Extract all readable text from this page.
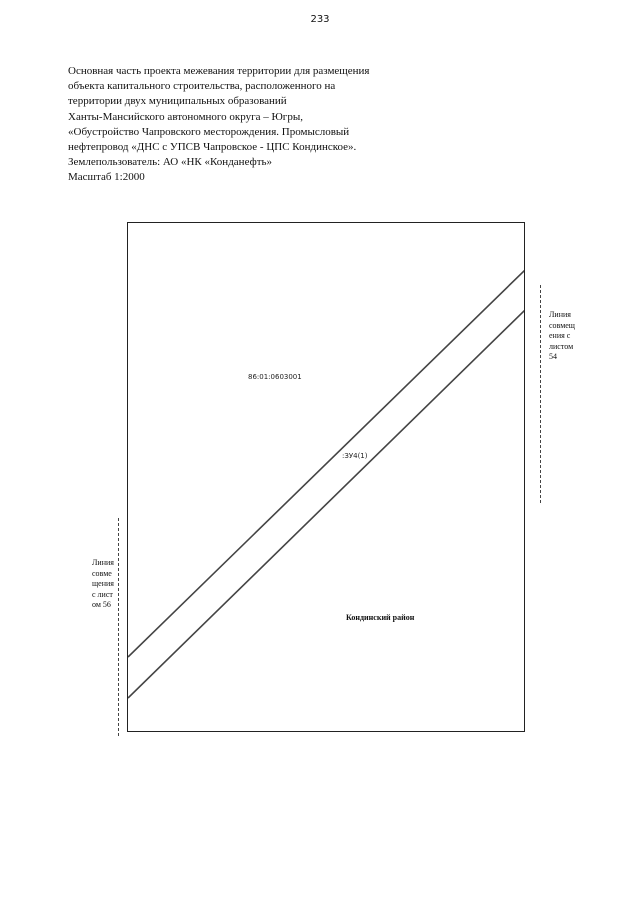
233
Основная часть проекта межевания территории для размещения
объекта капитального строительства, расположенного на
территории двух муниципальных образований
Ханты-Мансийского автономного округа – Югры,
«Обустройство Чапровского месторождения. Промысловый
нефтепровод «ДНС с УПСВ Чапровское - ЦПС Кондинское».
Землепользователь: АО «НК «Конданефть»
Масштаб 1:2000
86:01:0603001
:ЗУ4(1)
Кондинский район
Линия совмещения с листом 54
Линия совмещения с листом 56
